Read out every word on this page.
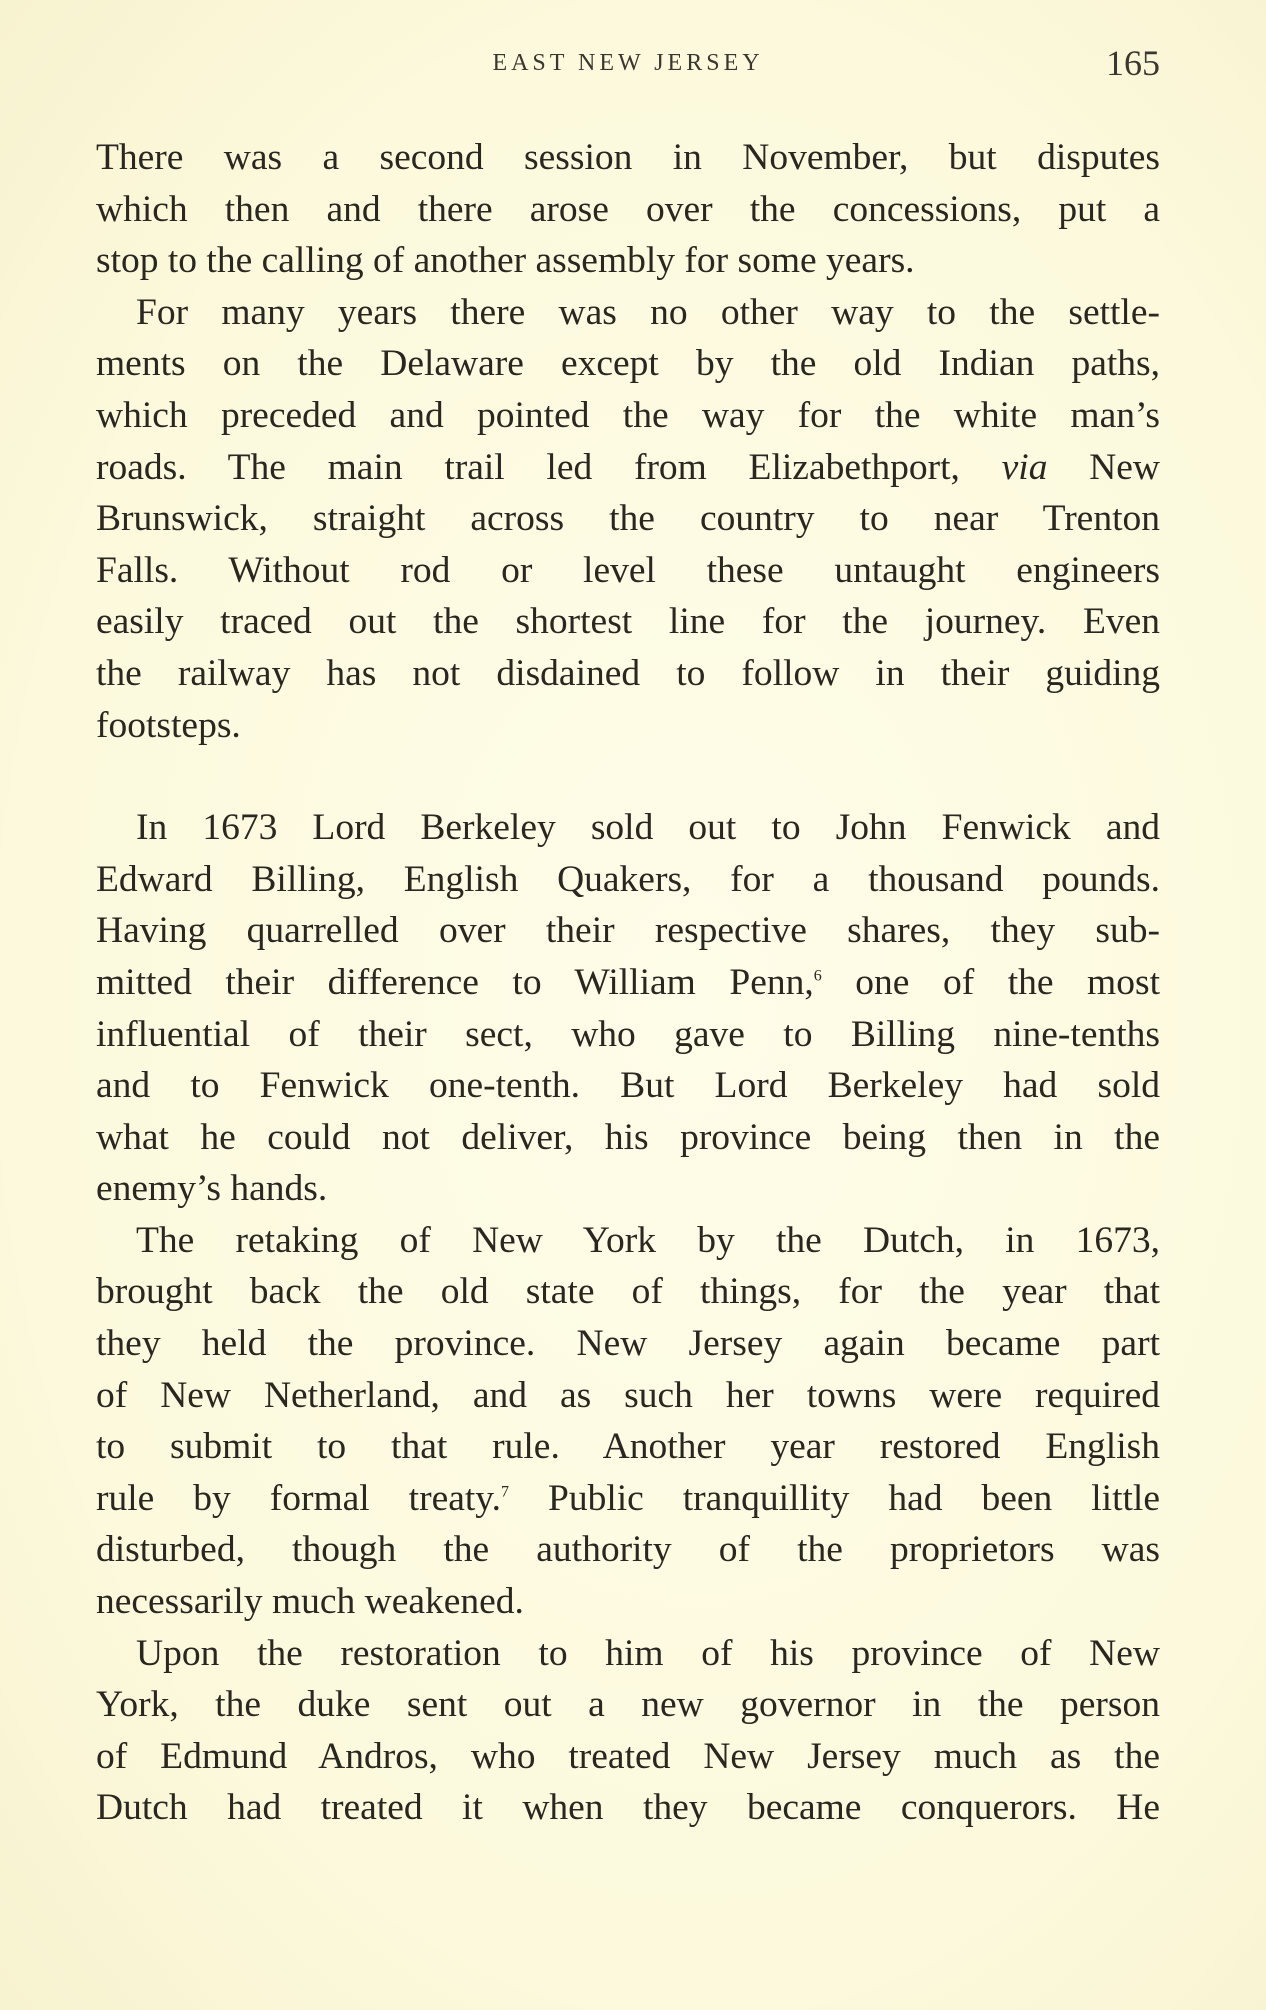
EAST NEW JERSEY	165
There was a second session in November, but disputes
which then and there arose over the concessions, put a
stop to the calling of another assembly for some years.
For many years there was no other way to the settle-
ments on the Delaware except by the old Indian paths,
which preceded and pointed the way for the white man’s
roads. The main trail led from Elizabethport, via New
Brunswick, straight across the country to near Trenton
Falls. Without rod or level these untaught engineers
easily traced out the shortest line for the journey. Even
the railway has not disdained to follow in their guiding
footsteps.
In 1673 Lord Berkeley sold out to John Fenwick and
Edward Billing, English Quakers, for a thousand pounds.
Having quarrelled over their respective shares, they sub-
mitted their difference to William Penn,$^6$ one of the most
influential of their sect, who gave to Billing nine-tenths
and to Fenwick one-tenth. But Lord Berkeley had sold
what he could not deliver, his province being then in the
enemy’s hands.
The retaking of New York by the Dutch, in 1673,
brought back the old state of things, for the year that
they held the province. New Jersey again became part
of New Netherland, and as such her towns were required
to submit to that rule. Another year restored English
rule by formal treaty.$^7$ Public tranquillity had been little
disturbed, though the authority of the proprietors was
necessarily much weakened.
Upon the restoration to him of his province of New
York, the duke sent out a new governor in the person
of Edmund Andros, who treated New Jersey much as the
Dutch had treated it when they became conquerors. He
